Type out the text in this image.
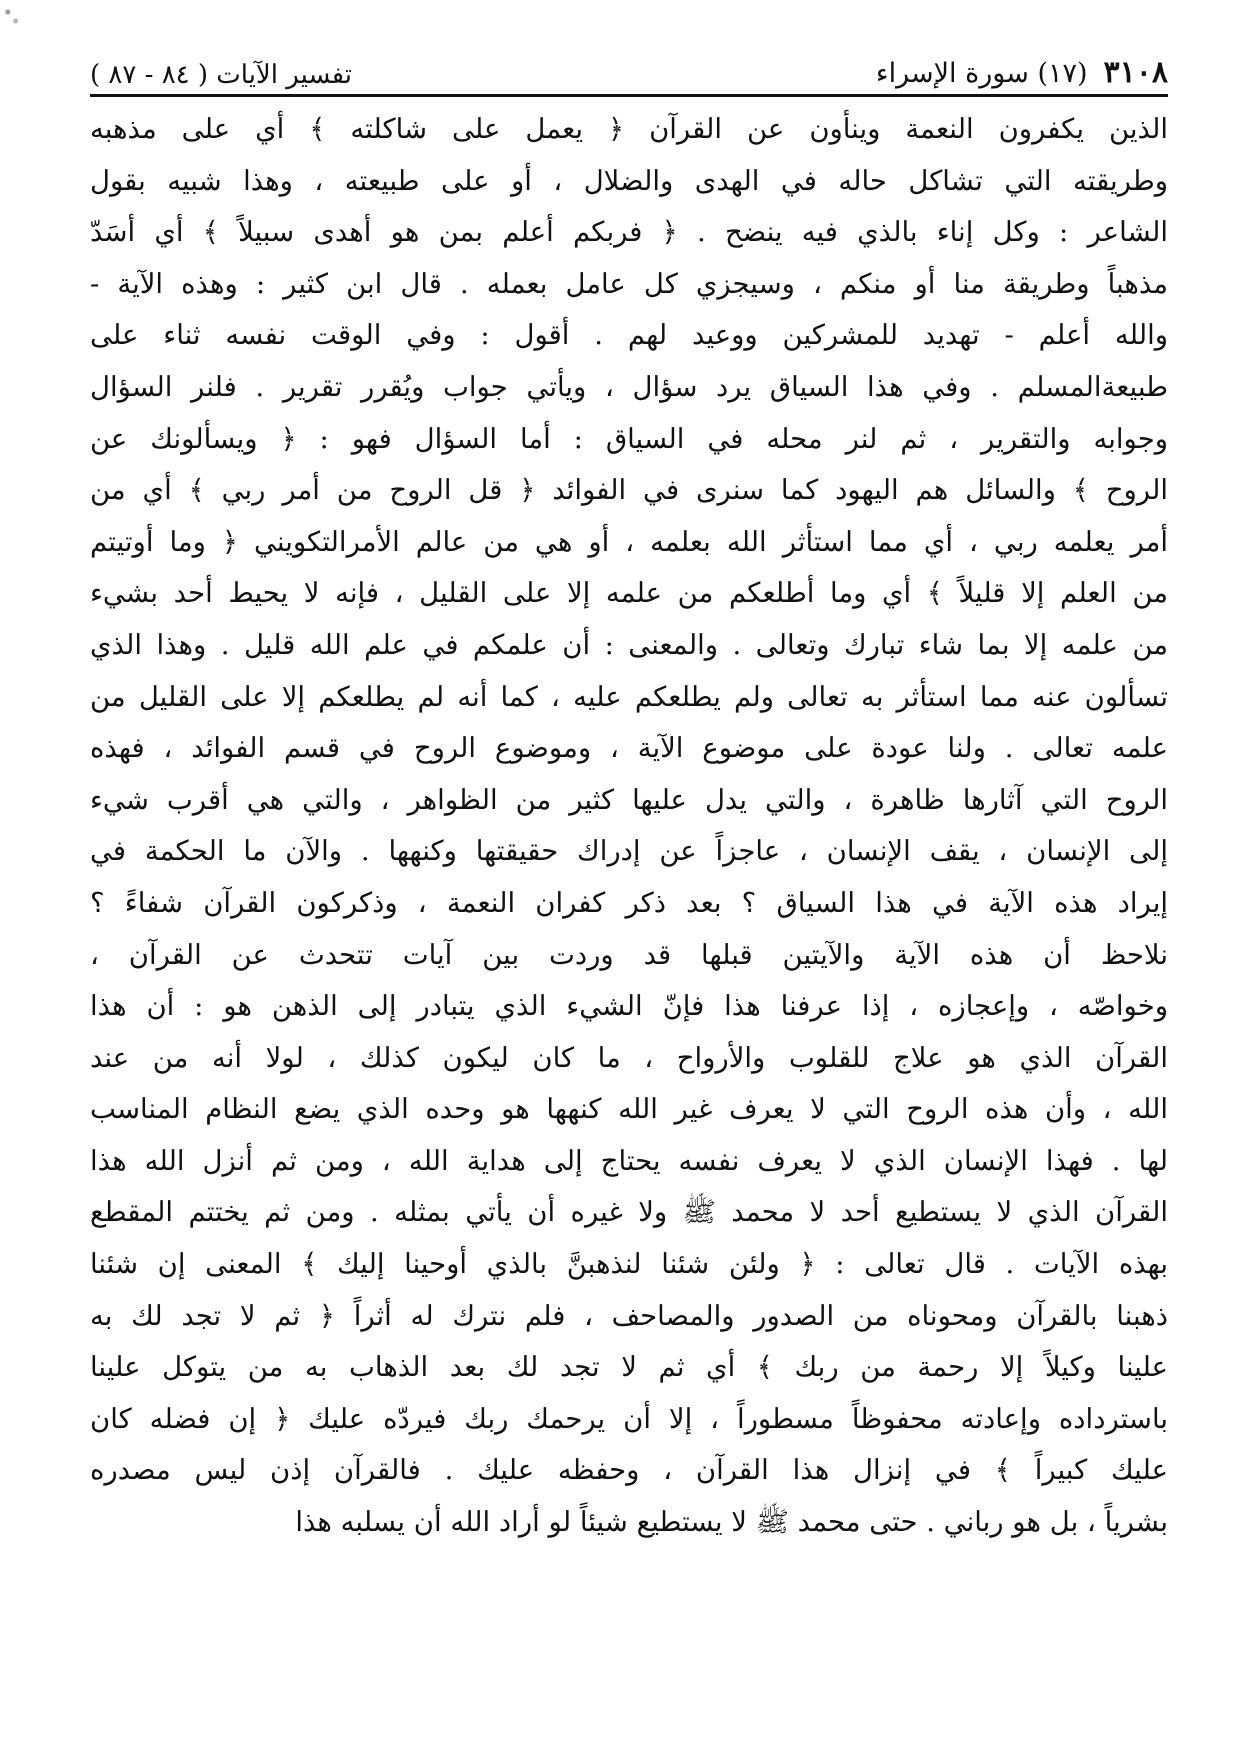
٣١٠٨
(١٧) سورة الإسراء
تفسير الآيات ( ٨٤ - ٨٧ )
الذين يكفرون النعمة وينأون عن القرآن ﴿ يعمل على شاكلته ﴾ أي على مذهبه
وطريقته التي تشاكل حاله في الهدى والضلال ، أو على طبيعته ، وهذا شبيه بقول
الشاعر : وكل إناء بالذي فيه ينضح . ﴿ فربكم أعلم بمن هو أهدى سبيلاً ﴾ أي أسَدّ
مذهباً وطريقة منا أو منكم ، وسيجزي كل عامل بعمله . قال ابن كثير : وهذه الآية -
والله أعلم - تهديد للمشركين ووعيد لهم . أقول : وفي الوقت نفسه ثناء على
طبيعةالمسلم . وفي هذا السياق يرد سؤال ، ويأتي جواب ويُقرر تقرير . فلنر السؤال
وجوابه والتقرير ، ثم لنر محله في السياق : أما السؤال فهو : ﴿ ويسألونك عن
الروح ﴾ والسائل هم اليهود كما سنرى في الفوائد ﴿ قل الروح من أمر ربي ﴾ أي من
أمر يعلمه ربي ، أي مما استأثر الله بعلمه ، أو هي من عالم الأمرالتكويني ﴿ وما أوتيتم
من العلم إلا قليلاً ﴾ أي وما أطلعكم من علمه إلا على القليل ، فإنه لا يحيط أحد بشيء
من علمه إلا بما شاء تبارك وتعالى . والمعنى : أن علمكم في علم الله قليل . وهذا الذي
تسألون عنه مما استأثر به تعالى ولم يطلعكم عليه ، كما أنه لم يطلعكم إلا على القليل من
علمه تعالى . ولنا عودة على موضوع الآية ، وموضوع الروح في قسم الفوائد ، فهذه
الروح التي آثارها ظاهرة ، والتي يدل عليها كثير من الظواهر ، والتي هي أقرب شيء
إلى الإنسان ، يقف الإنسان ، عاجزاً عن إدراك حقيقتها وكنهها . والآن ما الحكمة في
إيراد هذه الآية في هذا السياق ؟ بعد ذكر كفران النعمة ، وذكركون القرآن شفاءً ؟
نلاحظ أن هذه الآية والآيتين قبلها قد وردت بين آيات تتحدث عن القرآن ،
وخواصّه ، وإعجازه ، إذا عرفنا هذا فإنّ الشيء الذي يتبادر إلى الذهن هو : أن هذا
القرآن الذي هو علاج للقلوب والأرواح ، ما كان ليكون كذلك ، لولا أنه من عند
الله ، وأن هذه الروح التي لا يعرف غير الله كنهها هو وحده الذي يضع النظام المناسب
لها . فهذا الإنسان الذي لا يعرف نفسه يحتاج إلى هداية الله ، ومن ثم أنزل الله هذا
القرآن الذي لا يستطيع أحد لا محمد ﷺ ولا غيره أن يأتي بمثله . ومن ثم يختتم المقطع
بهذه الآيات . قال تعالى : ﴿ ولئن شئنا لنذهبنَّ بالذي أوحينا إليك ﴾ المعنى إن شئنا
ذهبنا بالقرآن ومحوناه من الصدور والمصاحف ، فلم نترك له أثراً ﴿ ثم لا تجد لك به
علينا وكيلاً إلا رحمة من ربك ﴾ أي ثم لا تجد لك بعد الذهاب به من يتوكل علينا
باسترداده وإعادته محفوظاً مسطوراً ، إلا أن يرحمك ربك فيردّه عليك ﴿ إن فضله كان
عليك كبيراً ﴾ في إنزال هذا القرآن ، وحفظه عليك . فالقرآن إذن ليس مصدره
بشرياً ، بل هو رباني . حتى محمد ﷺ لا يستطيع شيئاً لو أراد الله أن يسلبه هذا
